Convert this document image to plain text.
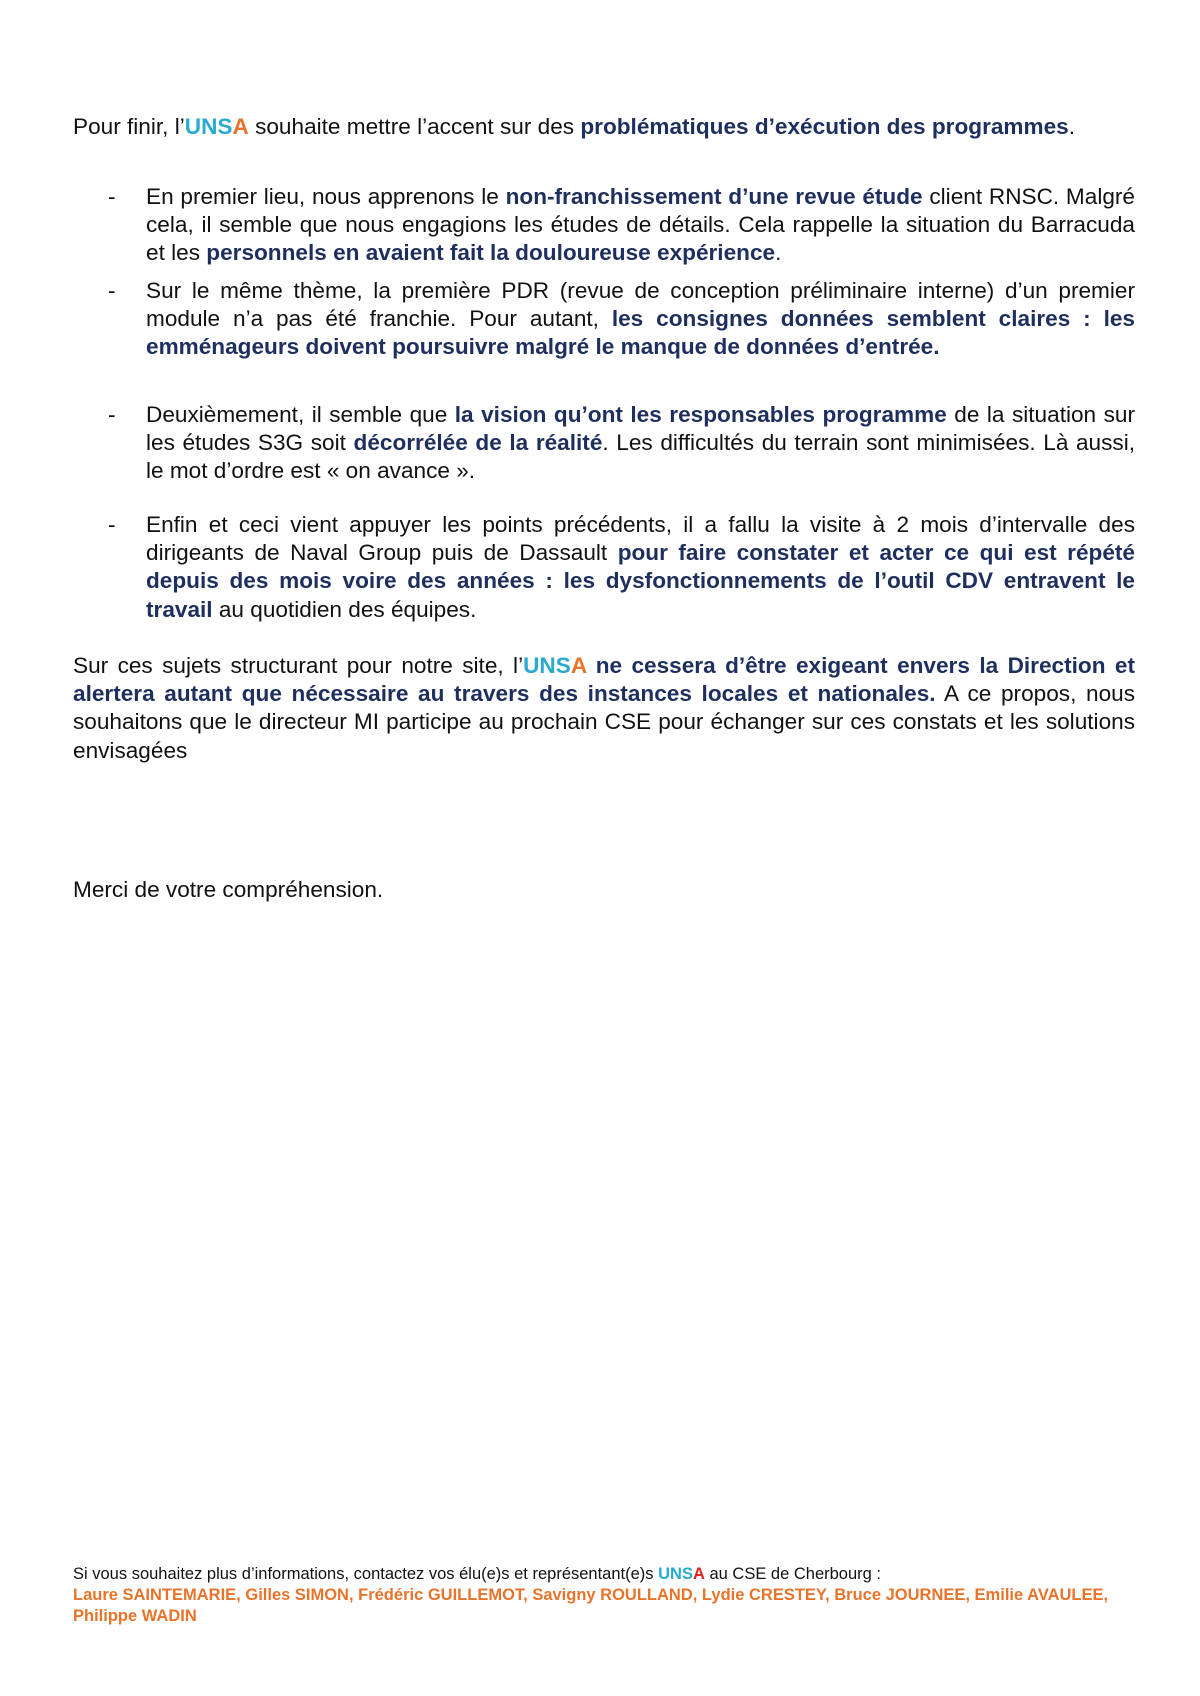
Pour finir, l’UNSA souhaite mettre l’accent sur des problématiques d’exécution des programmes.

- En premier lieu, nous apprenons le non-franchissement d’une revue étude client RNSC. Malgré cela, il semble que nous engagions les études de détails. Cela rappelle la situation du Barracuda et les personnels en avaient fait la douloureuse expérience.
- Sur le même thème, la première PDR (revue de conception préliminaire interne) d’un premier module n’a pas été franchie. Pour autant, les consignes données semblent claires : les emménageurs doivent poursuivre malgré le manque de données d’entrée.
- Deuxièmement, il semble que la vision qu’ont les responsables programme de la situation sur les études S3G soit décorrélée de la réalité. Les difficultés du terrain sont minimisées. Là aussi, le mot d’ordre est « on avance ».
- Enfin et ceci vient appuyer les points précédents, il a fallu la visite à 2 mois d’intervalle des dirigeants de Naval Group puis de Dassault pour faire constater et acter ce qui est répété depuis des mois voire des années : les dysfonctionnements de l’outil CDV entravent le travail au quotidien des équipes.

Sur ces sujets structurant pour notre site, l’UNSA ne cessera d’être exigeant envers la Direction et alertera autant que nécessaire au travers des instances locales et nationales. A ce propos, nous souhaitons que le directeur MI participe au prochain CSE pour échanger sur ces constats et les solutions envisagées

Merci de votre compréhension.

Si vous souhaitez plus d’informations, contactez vos élu(e)s et représentant(e)s UNSA au CSE de Cherbourg :
Laure SAINTEMARIE, Gilles SIMON, Frédéric GUILLEMOT, Savigny ROULLAND, Lydie CRESTEY, Bruce JOURNEE, Emilie AVAULEE, Philippe WADIN
